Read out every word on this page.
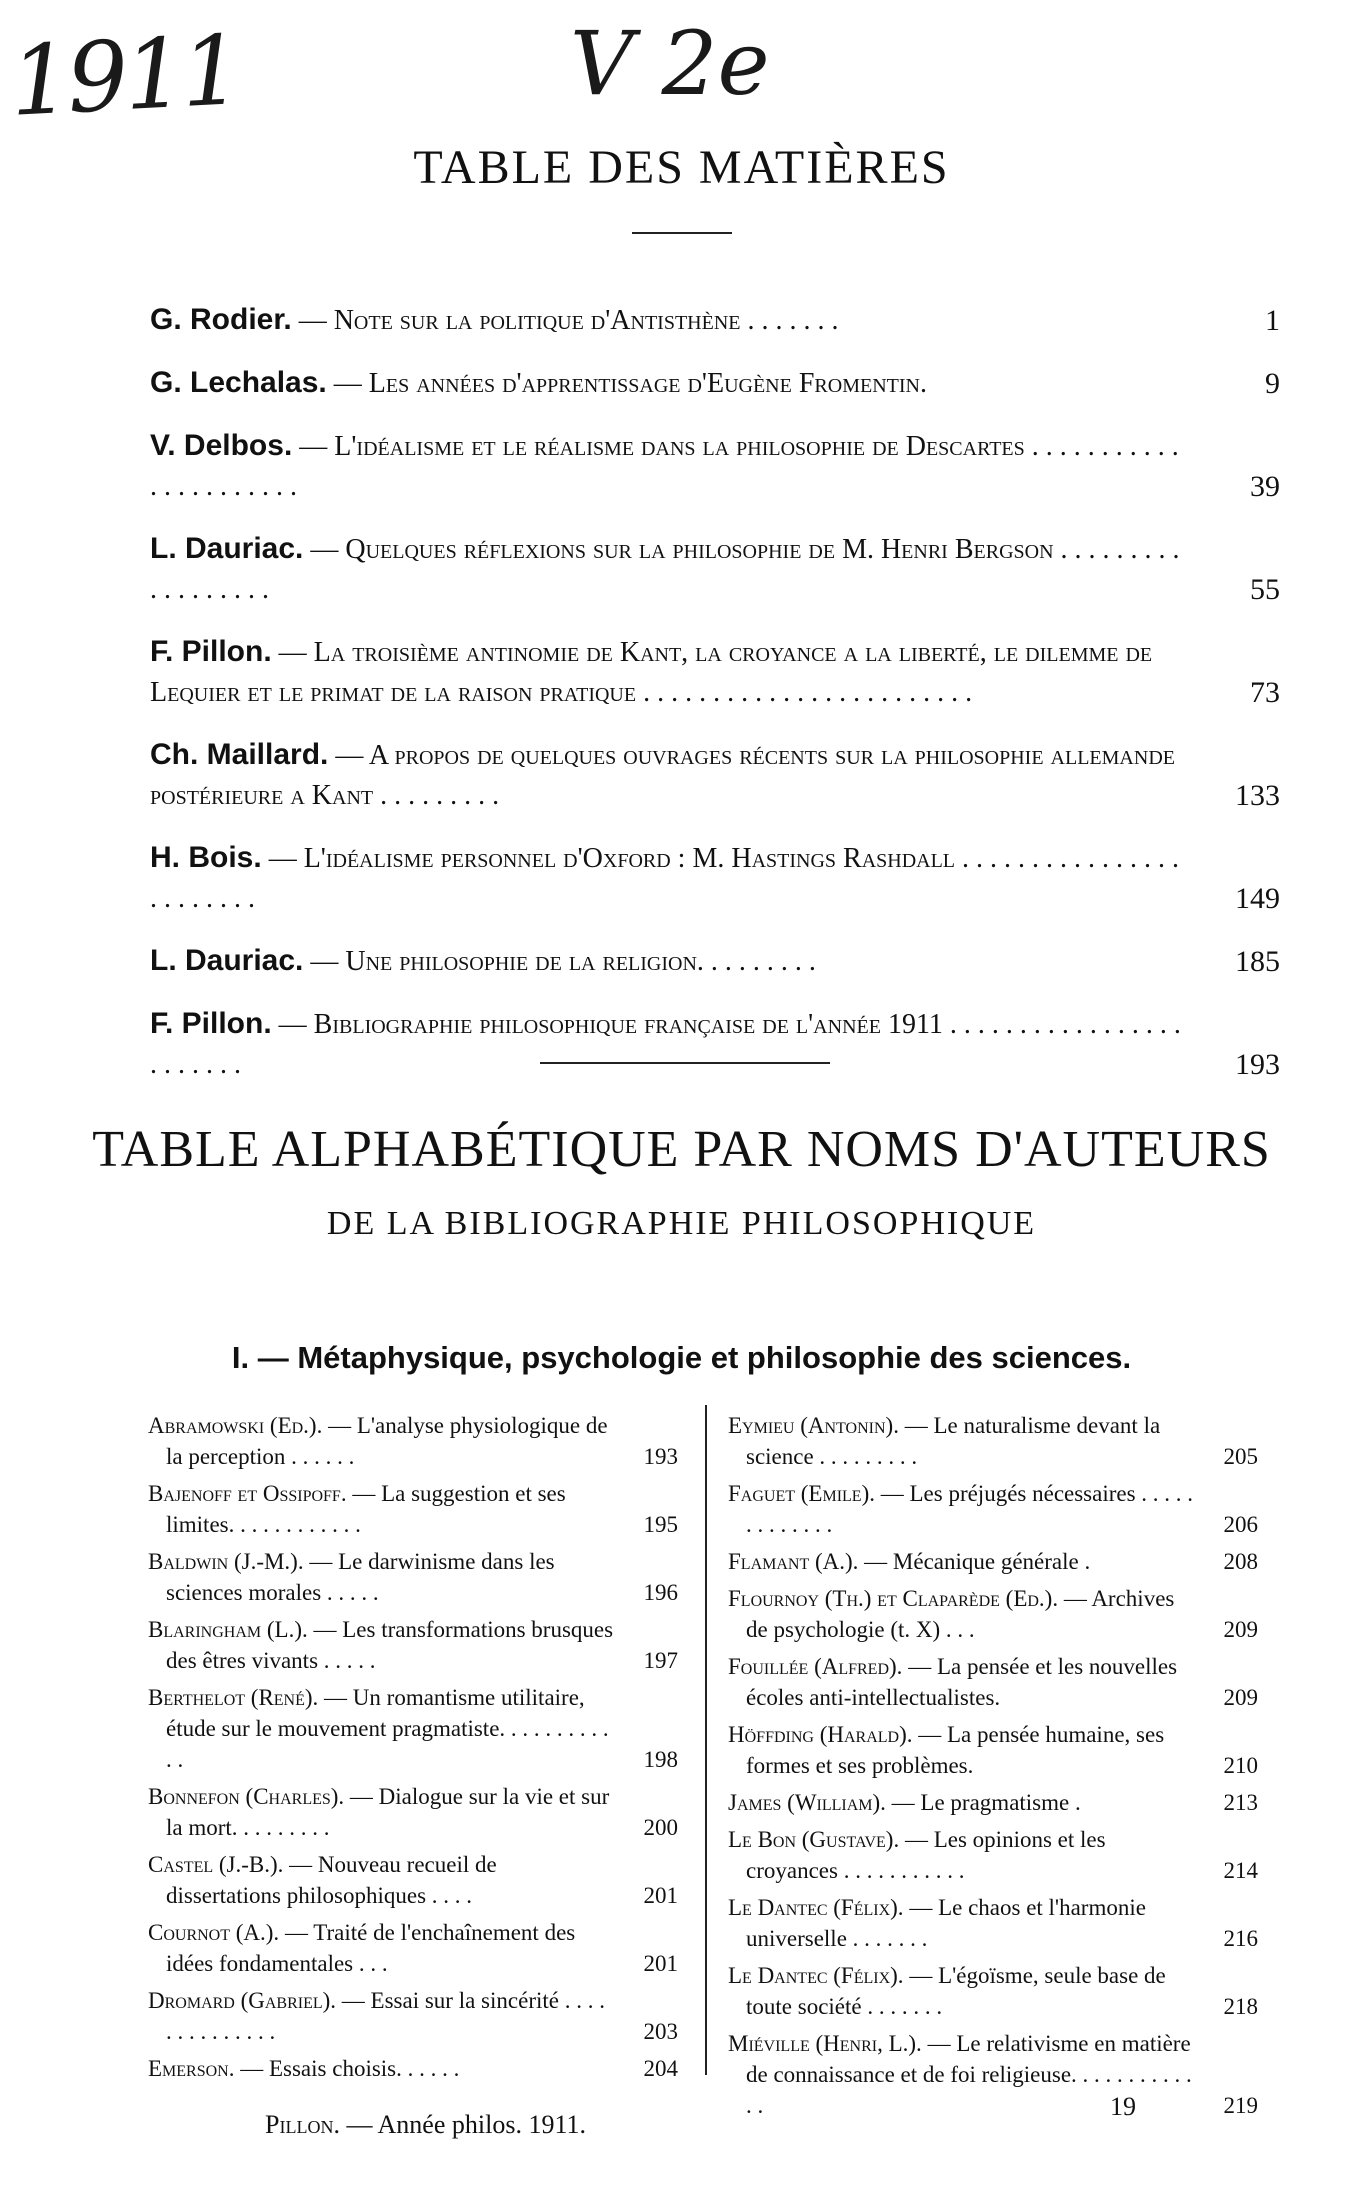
1911	V 2e
TABLE DES MATIÈRES
G. Rodier. — Note sur la politique d'Antisthène . . . . . . .	1
G. Lechalas. — Les années d'apprentissage d'Eugène Fromentin.	9
V. Delbos. — L'idéalisme et le réalisme dans la philosophie de Descartes . . . . . . . . . . . . . . . . . . . . . .	39
L. Dauriac. — Quelques réflexions sur la philosophie de M. Henri Bergson . . . . . . . . . . . . . . . . . .	55
F. Pillon. — La troisième antinomie de Kant, la croyance a la liberté, le dilemme de Lequier et le primat de la raison pratique . . . . . . . . . . . . . . . . . . . . . . . .	73
Ch. Maillard. — A propos de quelques ouvrages récents sur la philosophie allemande postérieure a Kant . . . . . . . . .	133
H. Bois. — L'idéalisme personnel d'Oxford : M. Hastings Rashdall . . . . . . . . . . . . . . . . . . . . . . . .	149
L. Dauriac. — Une philosophie de la religion. . . . . . . . .	185
F. Pillon. — Bibliographie philosophique française de l'année 1911 . . . . . . . . . . . . . . . . . . . . . . . .	193
TABLE ALPHABÉTIQUE PAR NOMS D'AUTEURS
DE LA BIBLIOGRAPHIE PHILOSOPHIQUE
I. — Métaphysique, psychologie et philosophie des sciences.
Abramowski (Ed.). — L'analyse physiologique de la perception . . . . . .	193
Bajenoff et Ossipoff. — La suggestion et ses limites. . . . . . . . . . . .	195
Baldwin (J.-M.). — Le darwinisme dans les sciences morales . . . . .	196
Blaringham (L.). — Les transformations brusques des êtres vivants . . . . .	197
Berthelot (René). — Un romantisme utilitaire, étude sur le mouvement pragmatiste. . . . . . . . . . . .	198
Bonnefon (Charles). — Dialogue sur la vie et sur la mort. . . . . . . . .	200
Castel (J.-B.). — Nouveau recueil de dissertations philosophiques . . . .	201
Cournot (A.). — Traité de l'enchaînement des idées fondamentales . . .	201
Dromard (Gabriel). — Essai sur la sincérité . . . . . . . . . . . . . .	203
Emerson. — Essais choisis. . . . . .	204
Eymieu (Antonin). — Le naturalisme devant la science . . . . . . . . .	205
Faguet (Emile). — Les préjugés nécessaires . . . . . . . . . . . . .	206
Flamant (A.). — Mécanique générale .	208
Flournoy (Th.) et Claparède (Ed.). — Archives de psychologie (t. X) . . .	209
Fouillée (Alfred). — La pensée et les nouvelles écoles anti-intellectualistes.	209
Höffding (Harald). — La pensée humaine, ses formes et ses problèmes.	210
James (William). — Le pragmatisme .	213
Le Bon (Gustave). — Les opinions et les croyances . . . . . . . . . . .	214
Le Dantec (Félix). — Le chaos et l'harmonie universelle . . . . . . .	216
Le Dantec (Félix). — L'égoïsme, seule base de toute société . . . . . . .	218
Miéville (Henri, L.). — Le relativisme en matière de connaissance et de foi religieuse. . . . . . . . . . . . .	219
Pillon. — Année philos. 1911.
19
